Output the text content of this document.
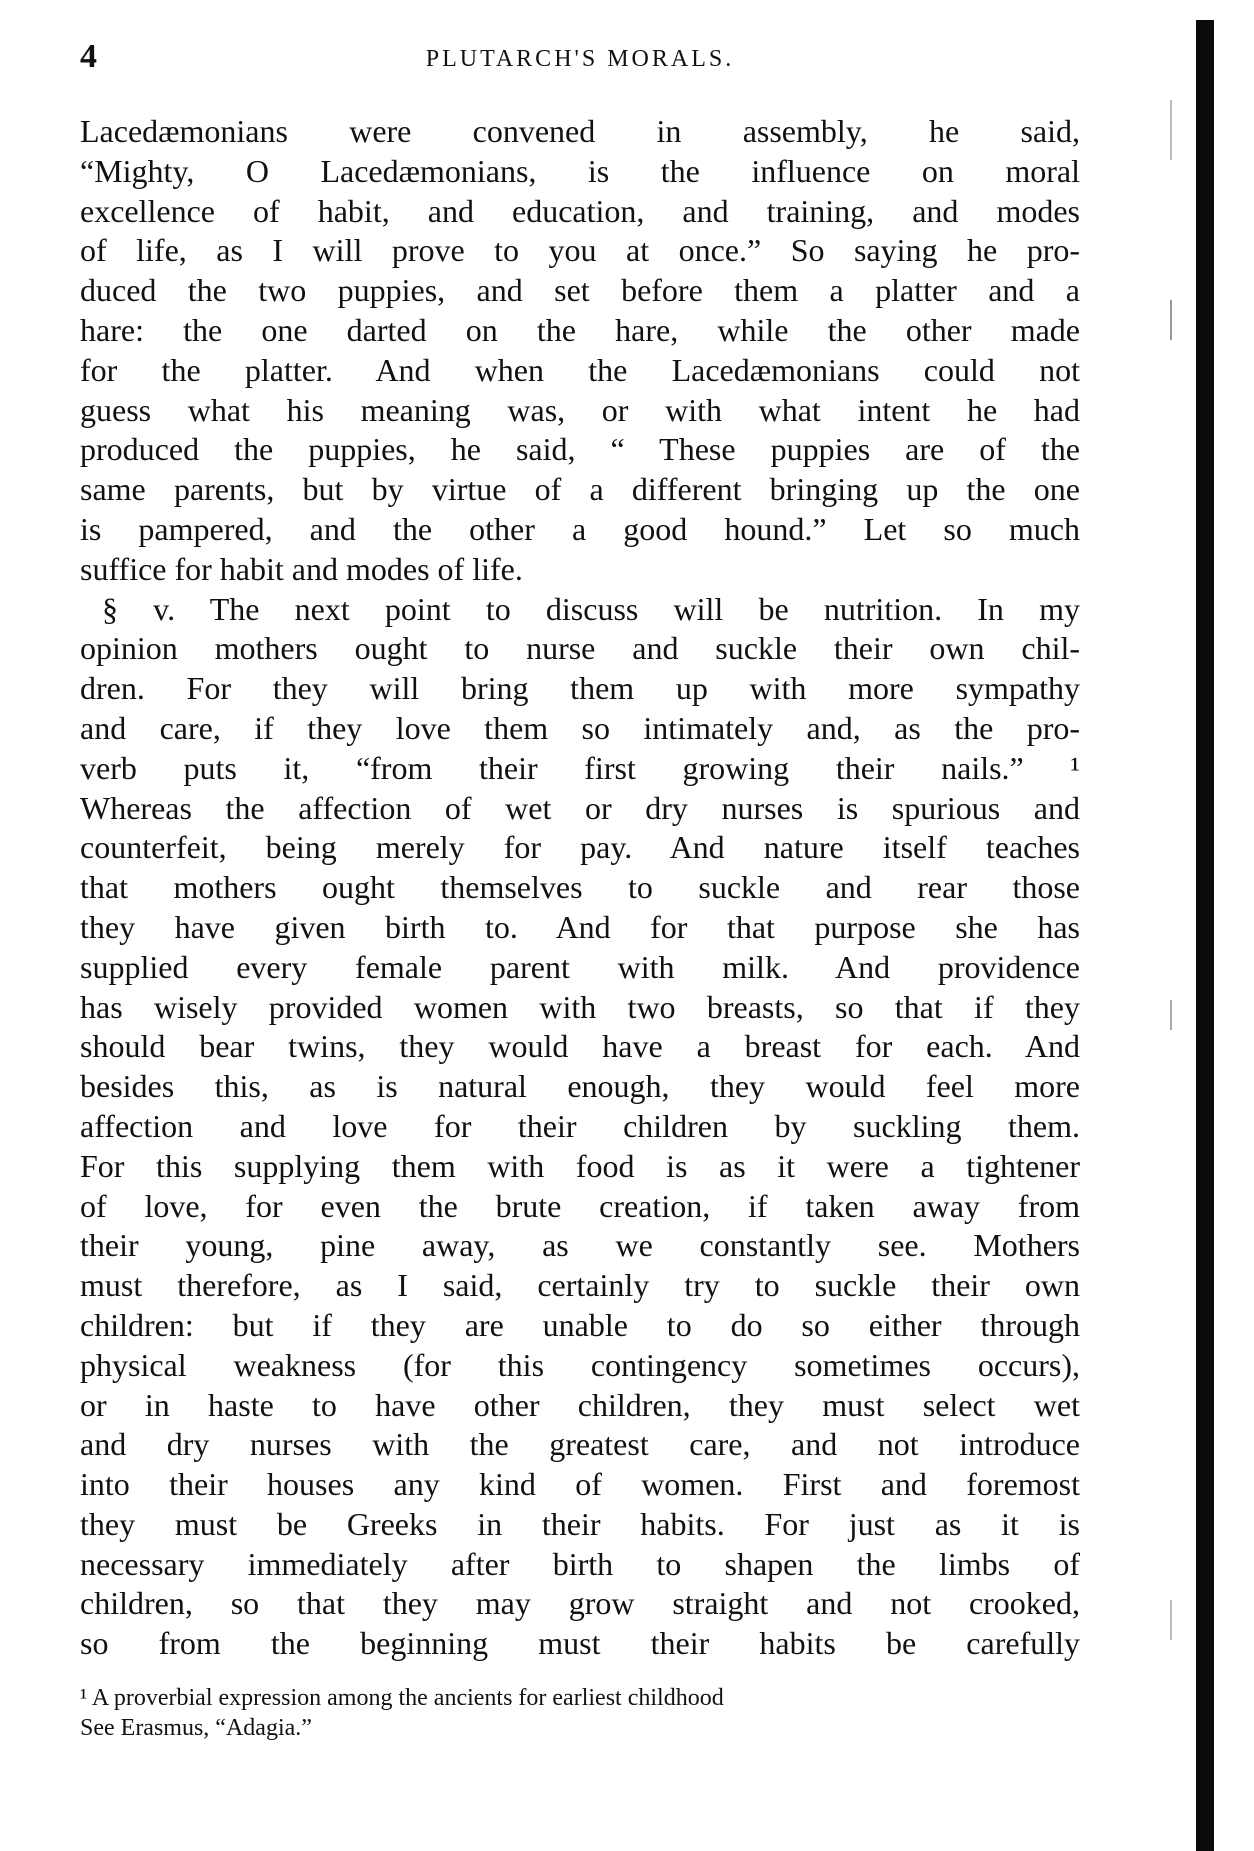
4	PLUTARCH'S MORALS.
Lacedæmonians were convened in assembly, he said,
“Mighty, O Lacedæmonians, is the influence on moral
excellence of habit, and education, and training, and modes
of life, as I will prove to you at once.” So saying he pro-
duced the two puppies, and set before them a platter and a
hare: the one darted on the hare, while the other made
for the platter. And when the Lacedæmonians could not
guess what his meaning was, or with what intent he had
produced the puppies, he said, “ These puppies are of the
same parents, but by virtue of a different bringing up the one
is pampered, and the other a good hound.” Let so much
suffice for habit and modes of life.
§ v. The next point to discuss will be nutrition. In my
opinion mothers ought to nurse and suckle their own chil-
dren. For they will bring them up with more sympathy
and care, if they love them so intimately and, as the pro-
verb puts it, “from their first growing their nails.” ¹
Whereas the affection of wet or dry nurses is spurious and
counterfeit, being merely for pay. And nature itself teaches
that mothers ought themselves to suckle and rear those
they have given birth to. And for that purpose she has
supplied every female parent with milk. And providence
has wisely provided women with two breasts, so that if they
should bear twins, they would have a breast for each. And
besides this, as is natural enough, they would feel more
affection and love for their children by suckling them.
For this supplying them with food is as it were a tightener
of love, for even the brute creation, if taken away from
their young, pine away, as we constantly see. Mothers
must therefore, as I said, certainly try to suckle their own
children: but if they are unable to do so either through
physical weakness (for this contingency sometimes occurs),
or in haste to have other children, they must select wet
and dry nurses with the greatest care, and not introduce
into their houses any kind of women. First and foremost
they must be Greeks in their habits. For just as it is
necessary immediately after birth to shapen the limbs of
children, so that they may grow straight and not crooked,
so from the beginning must their habits be carefully
¹ A proverbial expression among the ancients for earliest childhood
See Erasmus, “Adagia.”
